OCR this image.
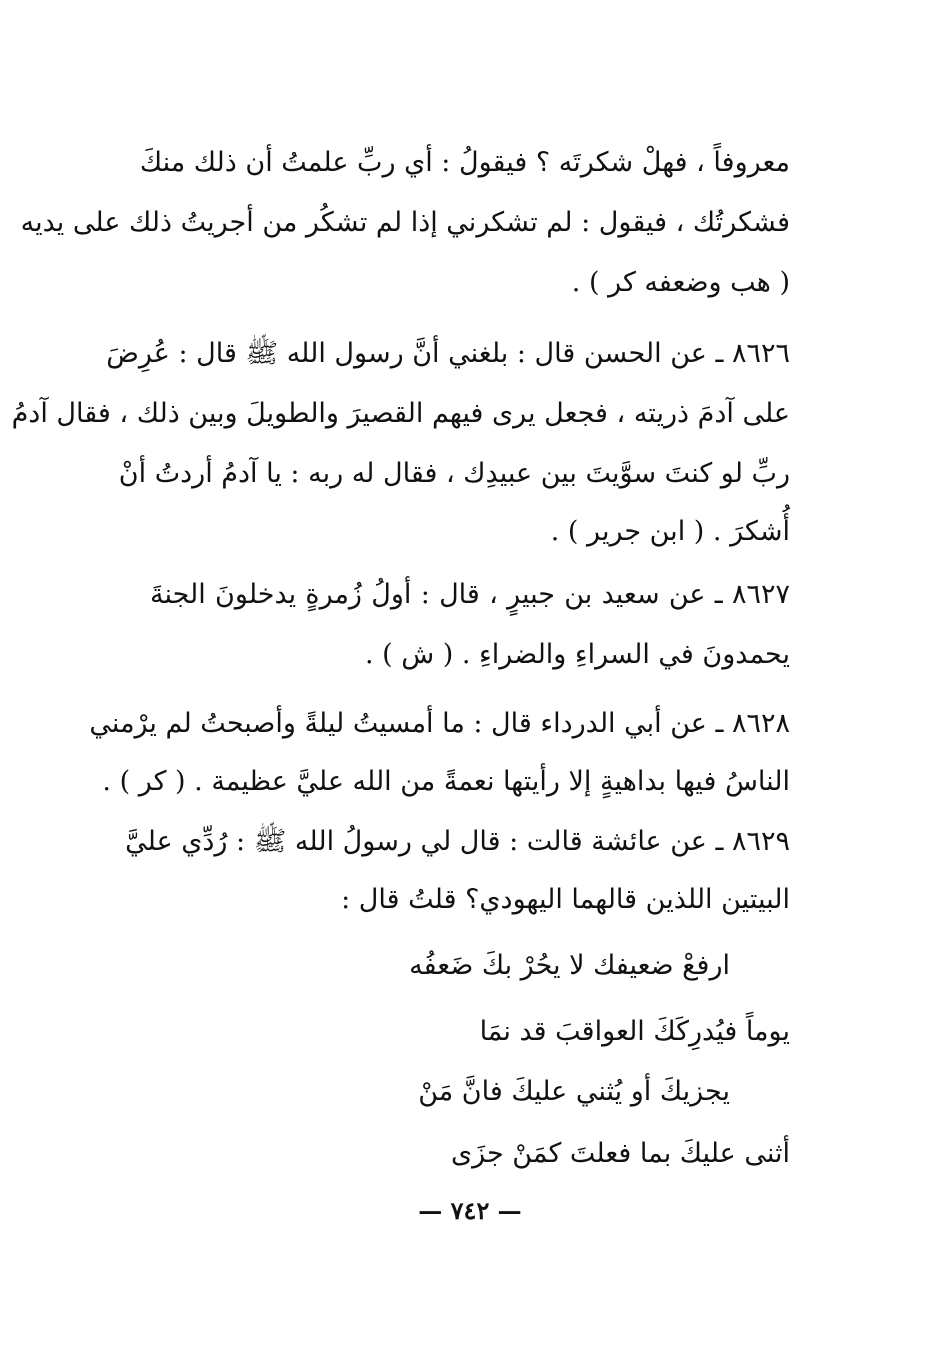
معروفاً ، فهلْ شكرتَه ؟ فيقولُ : أي ربِّ علمتُ أن ذلك منكَ
فشكرتُك ، فيقول : لم تشكرني إذا لم تشكُر من أجريتُ ذلك على يديه
( هب وضعفه كر ) .
٨٦٢٦ ـ عن الحسن قال : بلغني أنَّ رسول الله ﷺ قال : عُرِضَ
على آدمَ ذريته ، فجعل يرى فيهم القصيرَ والطويلَ وبين ذلك ، فقال آدمُ
ربِّ لو كنتَ سوَّيتَ بين عبيدِك ، فقال له ربه : يا آدمُ أردتُ أنْ
أُشكرَ . ( ابن جرير ) .
٨٦٢٧ ـ عن سعيد بن جبيرٍ ، قال : أولُ زُمرةٍ يدخلونَ الجنةَ
يحمدونَ في السراءِ والضراءِ . ( ش ) .
٨٦٢٨ ـ عن أبي الدرداء قال : ما أمسيتُ ليلةً وأصبحتُ لم يرْمني
الناسُ فيها بداهيةٍ إلا رأيتها نعمةً من الله عليَّ عظيمة . ( كر ) .
٨٦٢٩ ـ عن عائشة قالت : قال لي رسولُ الله ﷺ : رُدِّي عليَّ
البيتين اللذين قالهما اليهودي؟ قلتُ قال :
ارفعْ ضعيفك لا يحُرْ بكَ ضَعفُه
يوماً فيُدرِكَكَ العواقبَ قد نمَا
يجزيكَ أو يُثني عليكَ فانَّ مَنْ
أثنى عليكَ بما فعلتَ كمَنْ جزَى
— ٧٤٢ —
